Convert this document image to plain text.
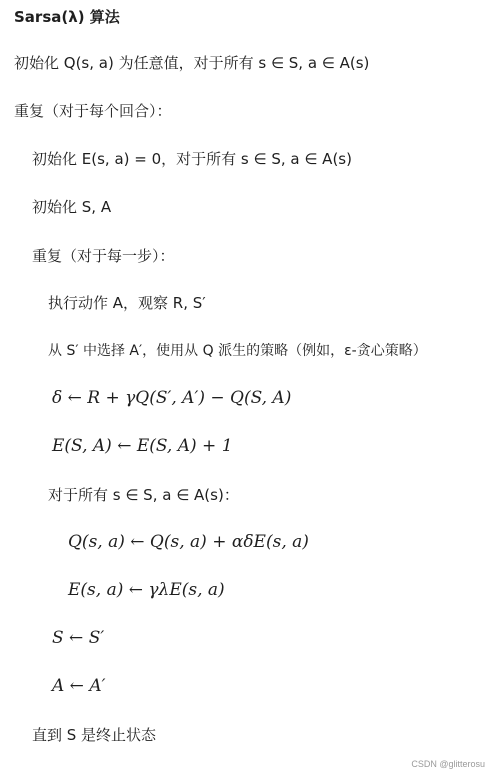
Sarsa(λ) 算法
初始化 Q(s, a) 为任意值，对于所有 s ∈ S, a ∈ A(s)
重复（对于每个回合）：
初始化 E(s, a) = 0，对于所有 s ∈ S, a ∈ A(s)
初始化 S, A
重复（对于每一步）：
执行动作 A，观察 R, S′
从 S′ 中选择 A′，使用从 Q 派生的策略（例如，ε-贪心策略）
δ ← R + γQ(S′, A′) − Q(S, A)
E(S, A) ← E(S, A) + 1
对于所有 s ∈ S, a ∈ A(s)：
Q(s, a) ← Q(s, a) + αδE(s, a)
E(s, a) ← γλE(s, a)
S ← S′
A ← A′
直到 S 是终止状态
CSDN @glitterosu
